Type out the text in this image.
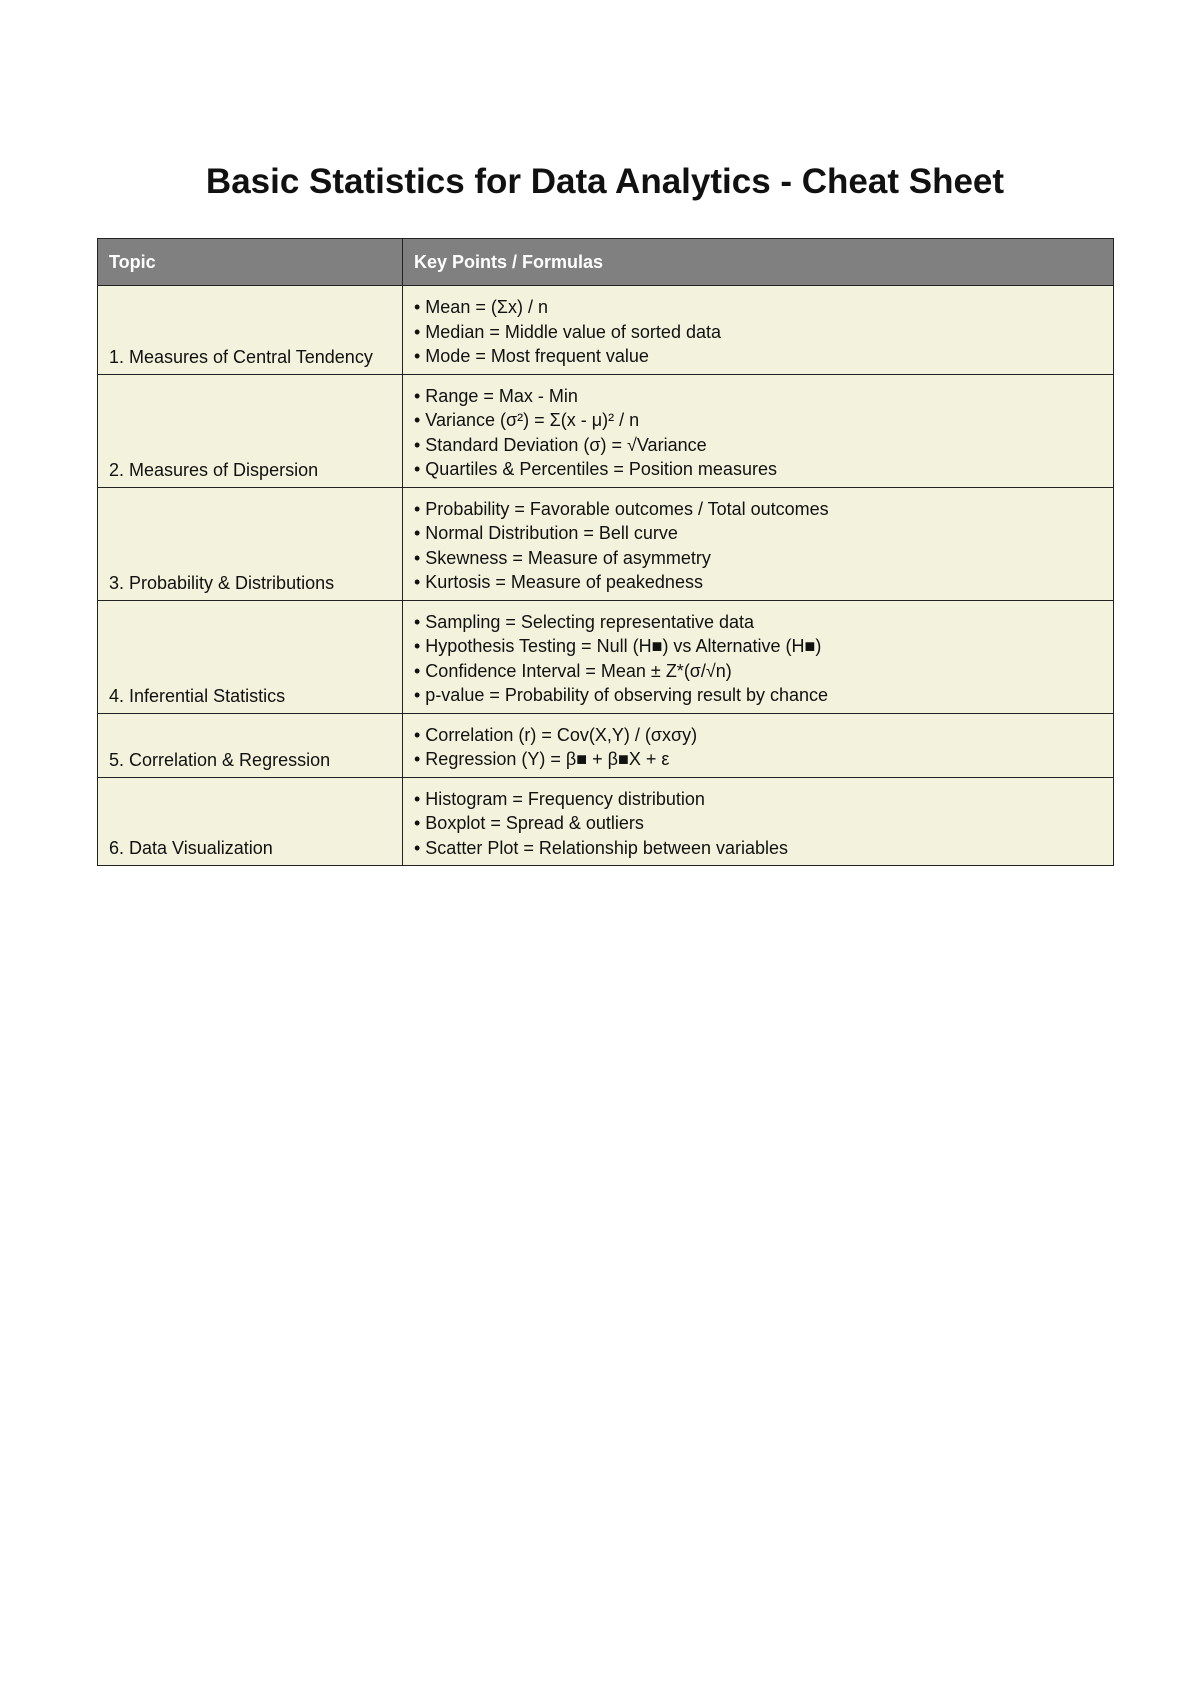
Basic Statistics for Data Analytics - Cheat Sheet
Topic	Key Points / Formulas
1. Measures of Central Tendency	• Mean = (Σx) / n
• Median = Middle value of sorted data
• Mode = Most frequent value

2. Measures of Dispersion	• Range = Max - Min
• Variance (σ²) = Σ(x - μ)² / n
• Standard Deviation (σ) = √Variance
• Quartiles & Percentiles = Position measures

3. Probability & Distributions	• Probability = Favorable outcomes / Total outcomes
• Normal Distribution = Bell curve
• Skewness = Measure of asymmetry
• Kurtosis = Measure of peakedness

4. Inferential Statistics	• Sampling = Selecting representative data
• Hypothesis Testing = Null (H■) vs Alternative (H■)
• Confidence Interval = Mean ± Z*(σ/√n)
• p-value = Probability of observing result by chance

5. Correlation & Regression	• Correlation (r) = Cov(X,Y) / (σxσy)
• Regression (Y) = β■ + β■X + ε

6. Data Visualization	• Histogram = Frequency distribution
• Boxplot = Spread & outliers
• Scatter Plot = Relationship between variables
